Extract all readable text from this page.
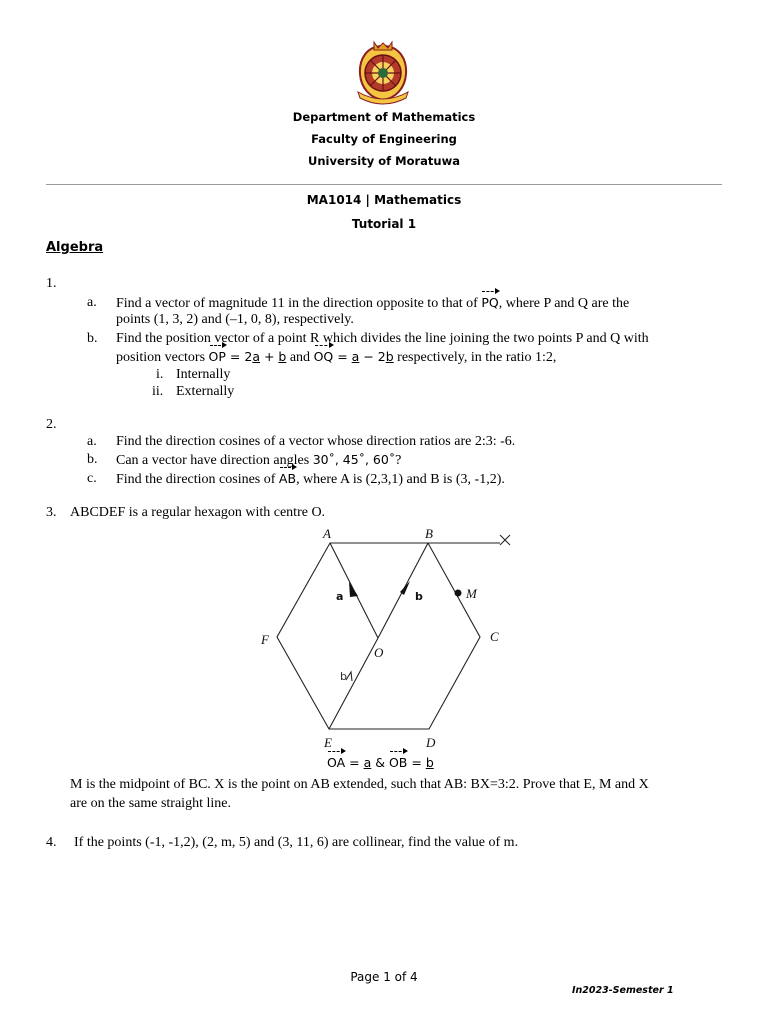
Department of Mathematics
Faculty of Engineering
University of Moratuwa
MA1014 | Mathematics
Tutorial 1
Algebra
1.
a. Find a vector of magnitude 11 in the direction opposite to that of PQ, where P and Q are the
points (1, 3, 2) and (–1, 0, 8), respectively.
b. Find the position vector of a point R which divides the line joining the two points P and Q with
position vectors OP = 2a + b and OQ = a − 2b respectively, in the ratio 1:2,
i. Internally
ii. Externally
2.
a. Find the direction cosines of a vector whose direction ratios are 2:3: -6.
b. Can a vector have direction angles 30˚, 45˚, 60˚?
c. Find the direction cosines of AB, where A is (2,3,1) and B is (3, -1,2).
3. ABCDEF is a regular hexagon with centre O.
A	B
C
D
E
F
O
M
a	b
b
OA = a & OB = b
M is the midpoint of BC. X is the point on AB extended, such that AB: BX=3:2. Prove that E, M and X
are on the same straight line.
4. If the points (-1, -1,2), (2, m, 5) and (3, 11, 6) are collinear, find the value of m.
Page 1 of 4
In2023-Semester 1
